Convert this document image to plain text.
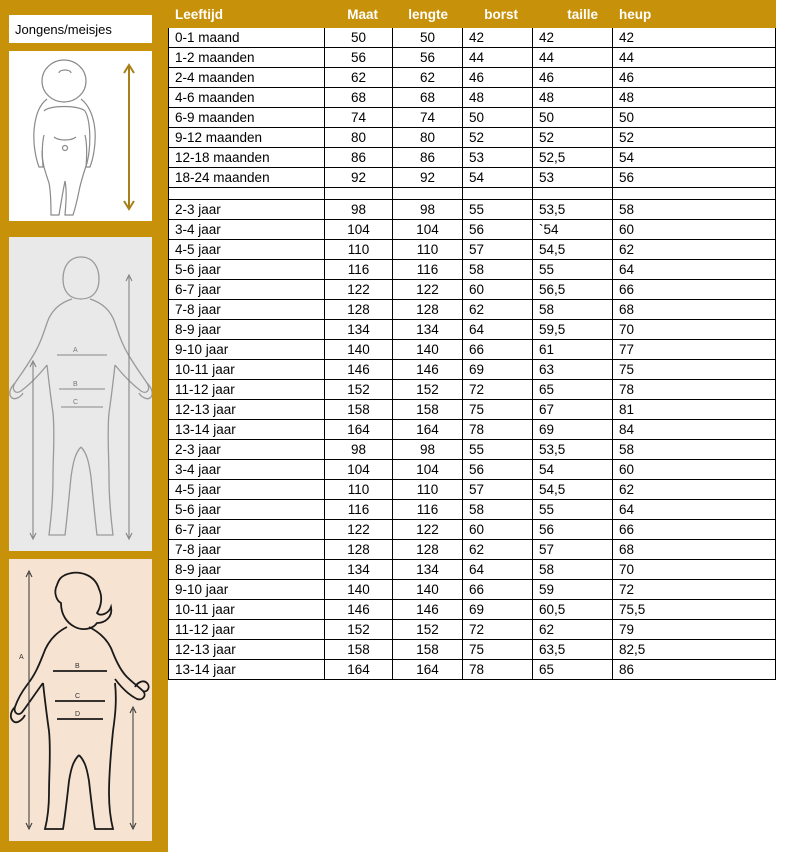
Jongens/meisjes
A
B
C
B
C
D
A
Leeftijd	Maat	lengte	borst	taille	heup
0-1 maand	50	50	42	42	42
1-2 maanden	56	56	44	44	44
2-4 maanden	62	62	46	46	46
4-6 maanden	68	68	48	48	48
6-9 maanden	74	74	50	50	50
9-12 maanden	80	80	52	52	52
12-18 maanden	86	86	53	52,5	54
18-24 maanden	92	92	54	53	56

2-3 jaar	98	98	55	53,5	58
3-4 jaar	104	104	56	`54	60
4-5 jaar	110	110	57	54,5	62
5-6 jaar	116	116	58	55	64
6-7 jaar	122	122	60	56,5	66
7-8 jaar	128	128	62	58	68
8-9 jaar	134	134	64	59,5	70
9-10 jaar	140	140	66	61	77
10-11 jaar	146	146	69	63	75
11-12 jaar	152	152	72	65	78
12-13 jaar	158	158	75	67	81
13-14 jaar	164	164	78	69	84
2-3 jaar	98	98	55	53,5	58
3-4 jaar	104	104	56	54	60
4-5 jaar	110	110	57	54,5	62
5-6 jaar	116	116	58	55	64
6-7 jaar	122	122	60	56	66
7-8 jaar	128	128	62	57	68
8-9 jaar	134	134	64	58	70
9-10 jaar	140	140	66	59	72
10-11 jaar	146	146	69	60,5	75,5
11-12 jaar	152	152	72	62	79
12-13 jaar	158	158	75	63,5	82,5
13-14 jaar	164	164	78	65	86
